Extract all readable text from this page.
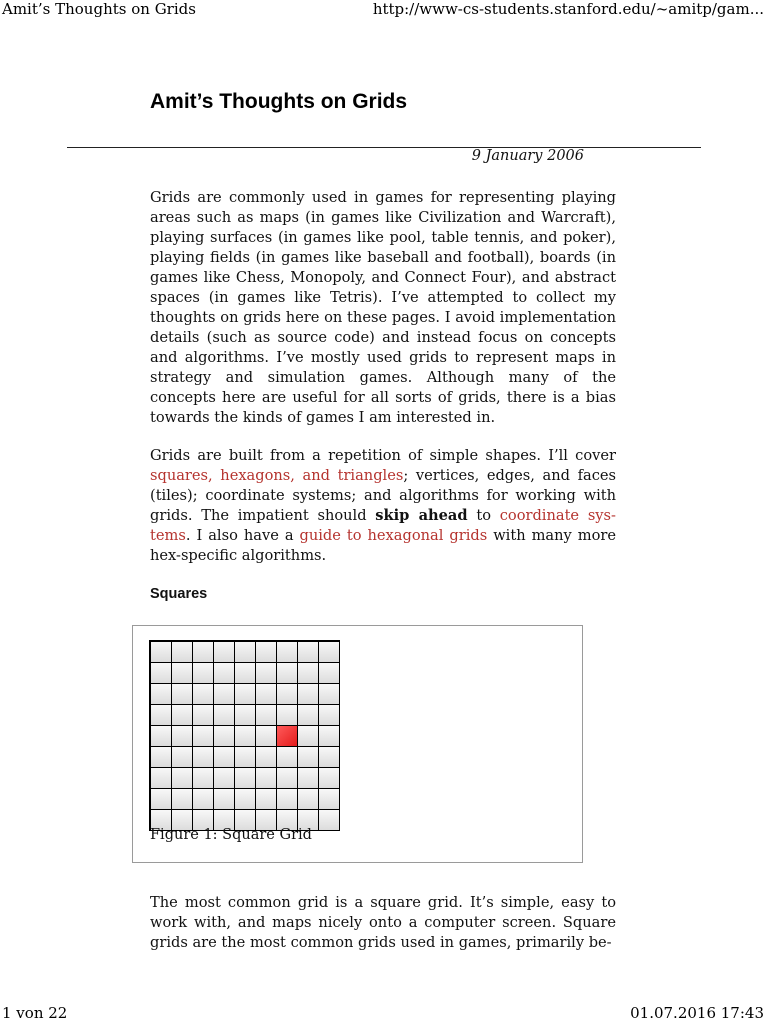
Amit’s Thoughts on Grids	http://www-cs-students.stanford.edu/~amitp/gam...
Amit’s Thoughts on Grids
9 January 2006

Grids are commonly used in games for representing playing areas such as maps (in games like Civilization and Warcraft), playing surfaces (in games like pool, table tennis, and poker), playing fields (in games like baseball and football), boards (in games like Chess, Monopoly, and Connect Four), and abstract spaces (in games like Tetris). I’ve attempted to collect my thoughts on grids here on these pages. I avoid implementation details (such as source code) and instead focus on concepts and algorithms. I’ve mostly used grids to represent maps in strategy and simulation games. Although many of the concepts here are useful for all sorts of grids, there is a bias towards the kinds of games I am interested in.

Grids are built from a repetition of simple shapes. I’ll cover squares, hexagons, and triangles; vertices, edges, and faces (tiles); coordinate systems; and algorithms for working with grids. The impatient should skip ahead to coordinate systems. I also have a guide to hexagonal grids with many more hex-specific algorithms.

Squares
Figure 1: Square Grid

The most common grid is a square grid. It’s simple, easy to work with, and maps nicely onto a computer screen. Square grids are the most common grids used in games, primarily be-

1 von 22	01.07.2016 17:43
